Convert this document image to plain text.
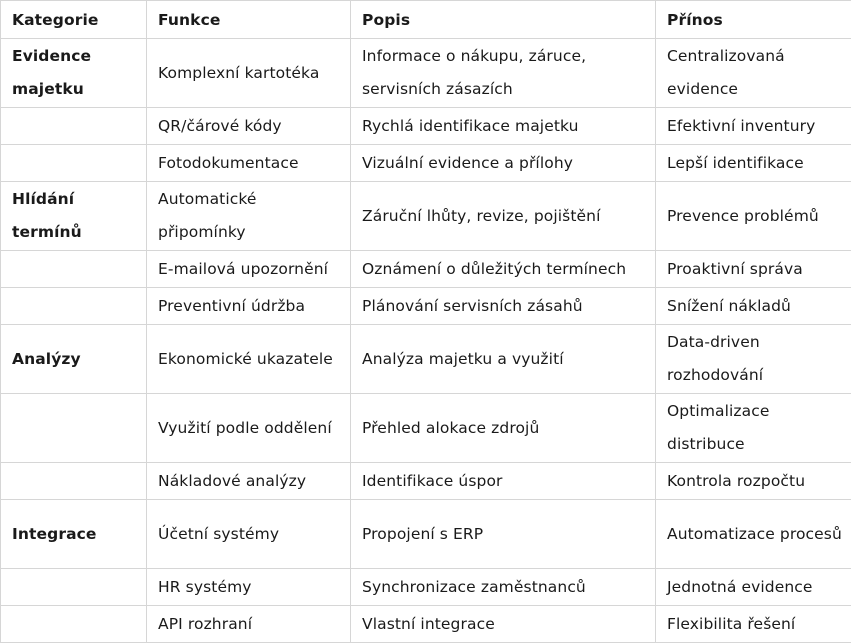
Kategorie	Funkce	Popis	Přínos
Evidence majetku	Komplexní kartotéka	Informace o nákupu, záruce, servisních zásazích	Centralizovaná evidence
	QR/čárové kódy	Rychlá identifikace majetku	Efektivní inventury
	Fotodokumentace	Vizuální evidence a přílohy	Lepší identifikace
Hlídání termínů	Automatické připomínky	Záruční lhůty, revize, pojištění	Prevence problémů
	E-mailová upozornění	Oznámení o důležitých termínech	Proaktivní správa
	Preventivní údržba	Plánování servisních zásahů	Snížení nákladů
Analýzy	Ekonomické ukazatele	Analýza majetku a využití	Data-driven rozhodování
	Využití podle oddělení	Přehled alokace zdrojů	Optimalizace distribuce
	Nákladové analýzy	Identifikace úspor	Kontrola rozpočtu
Integrace	Účetní systémy	Propojení s ERP	Automatizace procesů
	HR systémy	Synchronizace zaměstnanců	Jednotná evidence
	API rozhraní	Vlastní integrace	Flexibilita řešení
